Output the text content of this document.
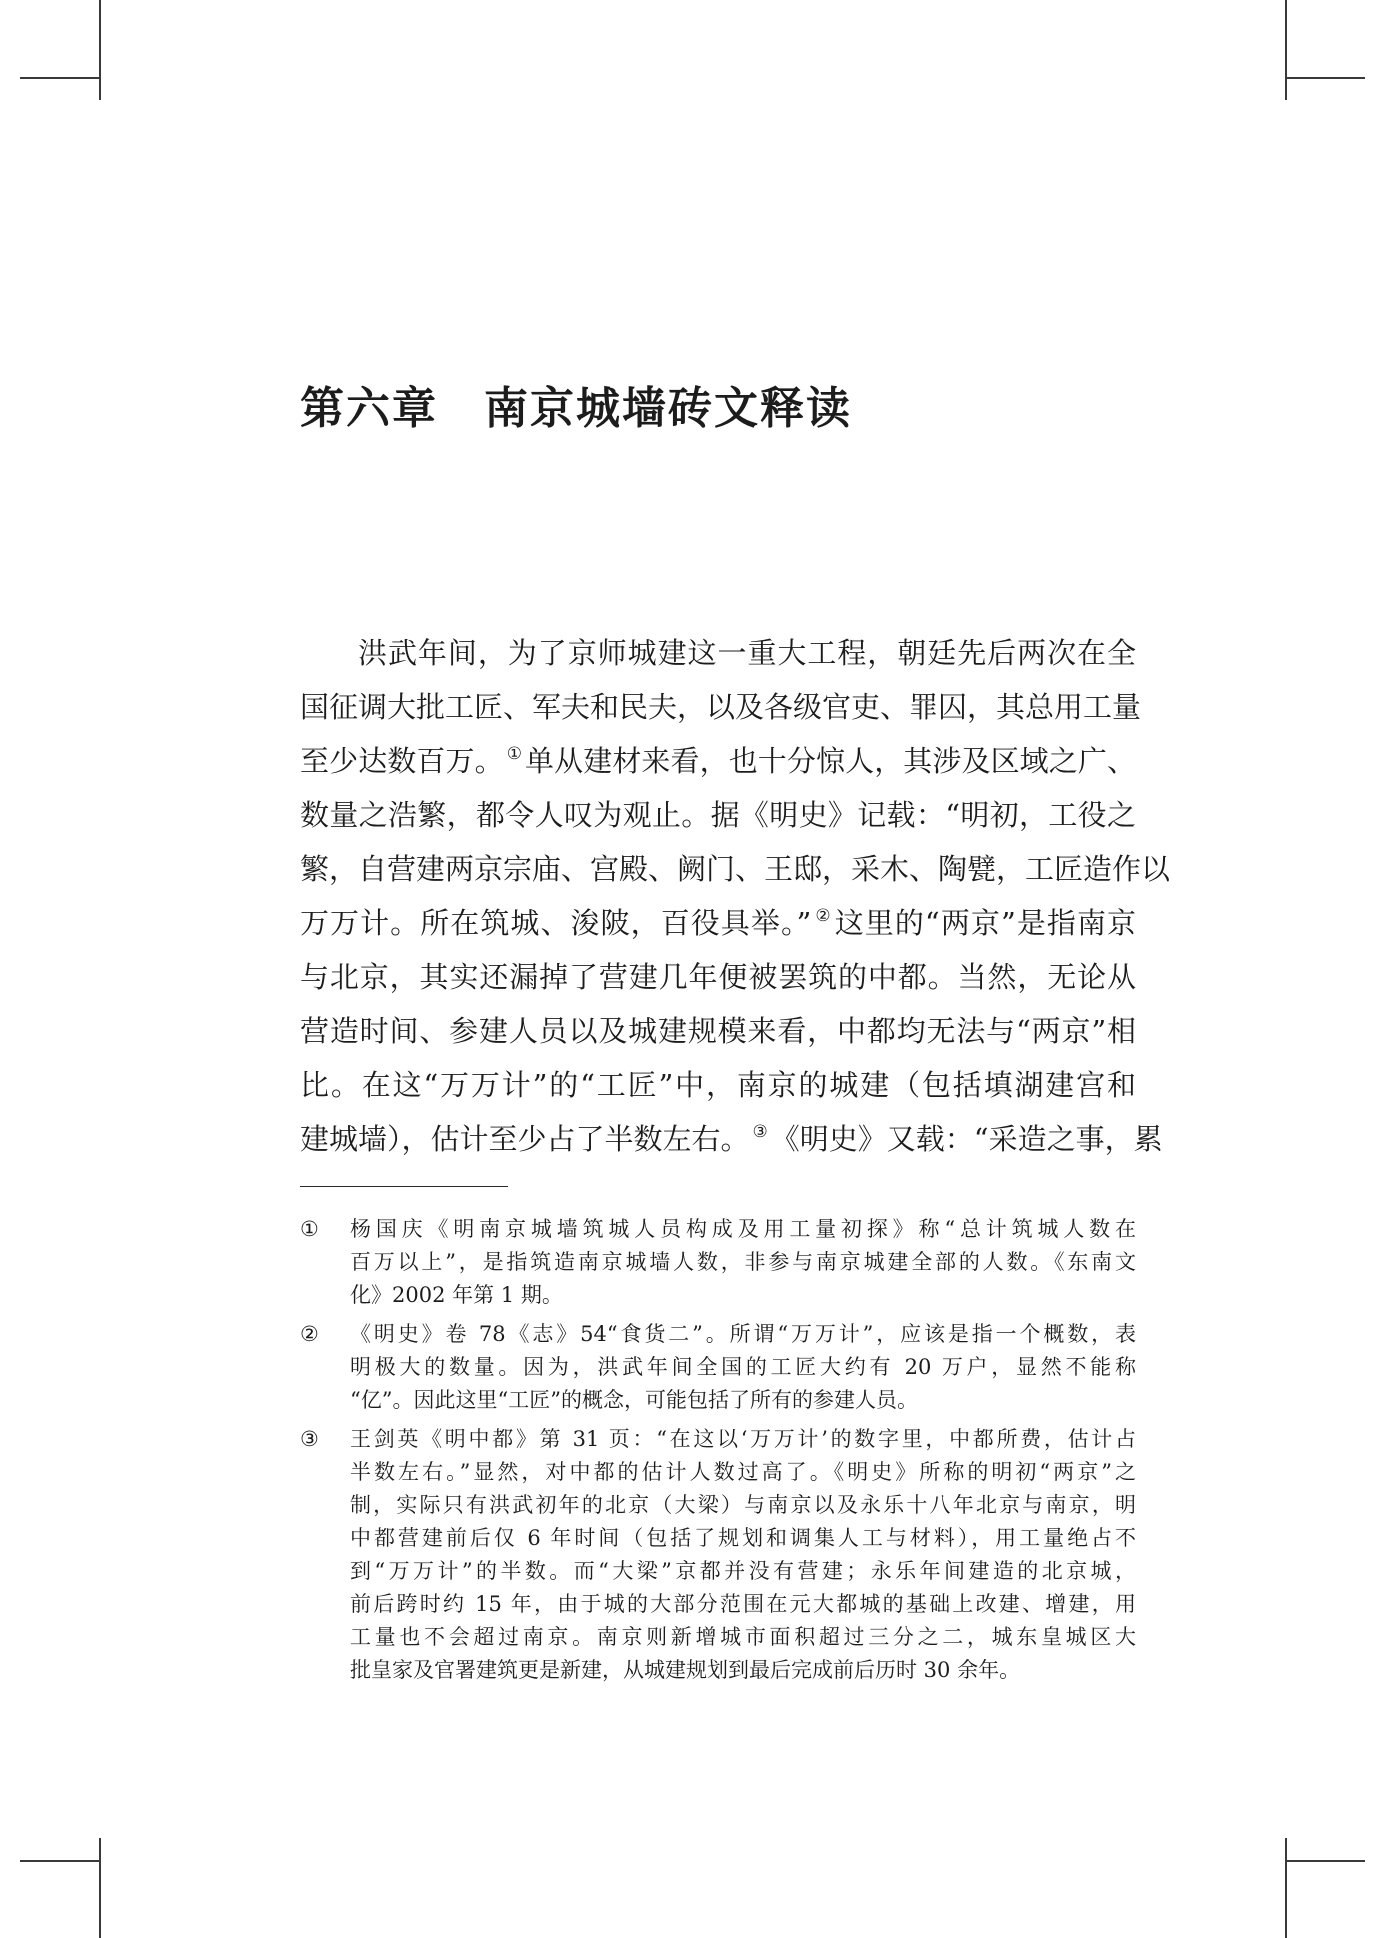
第六章　南京城墙砖文释读
洪武年间，为了京师城建这一重大工程，朝廷先后两次在全
国征调大批工匠、军夫和民夫，以及各级官吏、罪囚，其总用工量
至少达数百万。 ① 单从建材来看，也十分惊人，其涉及区域之广、
数量之浩繁，都令人叹为观止。据《明史》记载：“明初，工役之
繁，自营建两京宗庙、宫殿、阙门、王邸，采木、陶甓，工匠造作以
万万计。所在筑城、浚陂，百役具举。” ② 这里的“两京”是指南京
与北京，其实还漏掉了营建几年便被罢筑的中都。当然，无论从
营造时间、参建人员以及城建规模来看，中都均无法与“两京”相
比。在这“万万计”的“工匠”中，南京的城建（包括填湖建宫和
建城墙），估计至少占了半数左右。 ③ 《明史》又载：“采造之事，累
① 杨国庆《明南京城墙筑城人员构成及用工量初探》称“总计筑城人数在
百万以上”，是指筑造南京城墙人数，非参与南京城建全部的人数。《东南文
化》2002 年第 1 期。
② 《明史》卷 78《志》54“食货二”。所谓“万万计”，应该是指一个概数，表
明极大的数量。因为，洪武年间全国的工匠大约有 20 万户，显然不能称
“亿”。因此这里“工匠”的概念，可能包括了所有的参建人员。
③ 王剑英《明中都》第 31 页：“在这以‘万万计’的数字里，中都所费，估计占
半数左右。”显然，对中都的估计人数过高了。《明史》所称的明初“两京”之
制，实际只有洪武初年的北京（大梁）与南京以及永乐十八年北京与南京，明
中都营建前后仅 6 年时间（包括了规划和调集人工与材料），用工量绝占不
到“万万计”的半数。而“大梁”京都并没有营建；永乐年间建造的北京城，
前后跨时约 15 年，由于城的大部分范围在元大都城的基础上改建、增建，用
工量也不会超过南京。南京则新增城市面积超过三分之二，城东皇城区大
批皇家及官署建筑更是新建，从城建规划到最后完成前后历时 30 余年。
